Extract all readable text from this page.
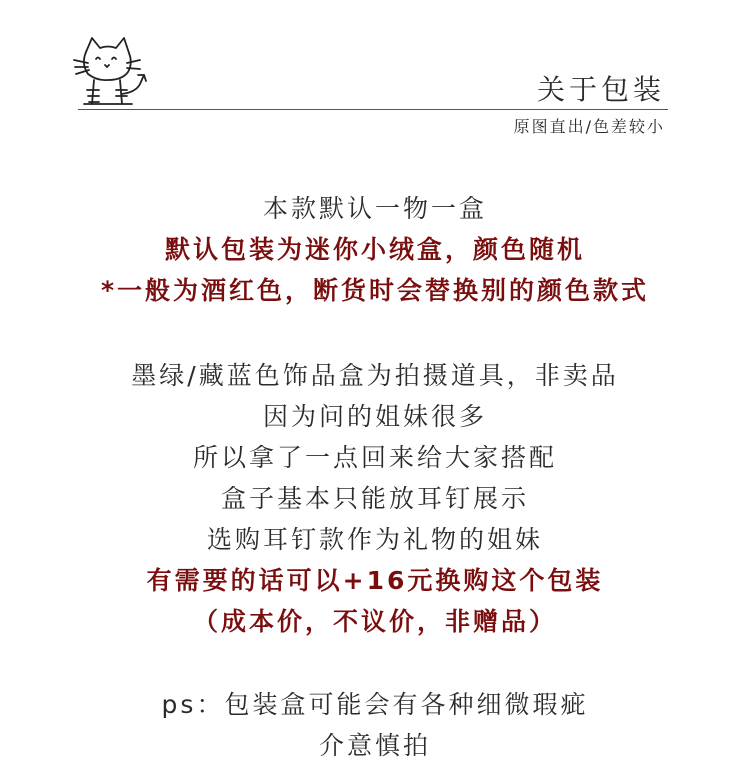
关于包装
原图直出/色差较小
本款默认一物一盒
默认包装为迷你小绒盒，颜色随机
*一般为酒红色，断货时会替换别的颜色款式
墨绿/藏蓝色饰品盒为拍摄道具，非卖品
因为问的姐妹很多
所以拿了一点回来给大家搭配
盒子基本只能放耳钉展示
选购耳钉款作为礼物的姐妹
有需要的话可以+16元换购这个包装
（成本价，不议价，非赠品）
ps：包装盒可能会有各种细微瑕疵
介意慎拍
